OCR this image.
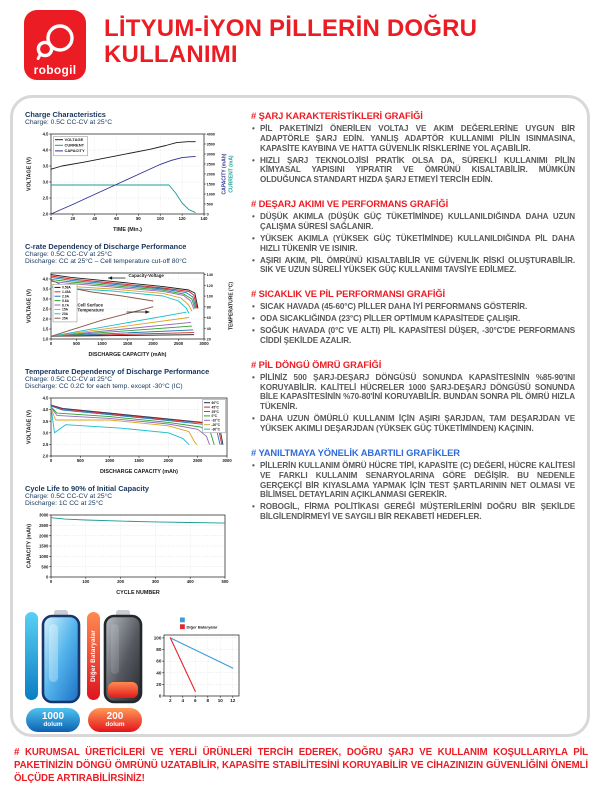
robogil
LİTYUM-İYON PİLLERİN DOĞRU
KULLANIMI
Charge Characteristics
Charge: 0.5C CC-CV at 25°C
0	20	40	60	80	100	120	140
2.0
2.5
3.0
3.5
4.0
4.5
0
500
1000
1500
2000
2500
3000
3500
4000
TIME (Min.)
VOLTAGE (V)	CAPACITY (mAh) CURRENT (mA)
VOLTAGE
CURRENT
CAPACITY
C-rate Dependency of Discharge Performance
Charge: 0.5C CC-CV at 25°C
Discharge: CC at 25°C – Cell temperature cut-off 80°C
0	500	1000	1500	2000	2500	3000
1.0
1.5
2.0
2.5
3.0
3.5
4.0
20
40
60
80
100
120
140
DISCHARGE CAPACITY (mAh)
VOLTAGE (V)	TEMPERATURE (°C)
0.58A
1.45A
2.9A
5.8A
8.7A
15A
20A
25A
Capacity-Voltage
Cell Surface Temperature
Temperature Dependency of Discharge Performance
Charge: 0.5C CC-CV at 25°C
Discharge: CC 0.2C for each temp. except -30°C (IC)
0	500	1000	1500	2000	2500	3000
2.0
2.5
3.0
3.5
4.0
4.5
DISCHARGE CAPACITY (mAh)
VOLTAGE (V)
60°C
45°C
25°C
0°C
-10°C
-20°C
-30°C
Cycle Life to 90% of Initial Capacity
Charge: 0.5C CC-CV at 25°C
Discharge: 1C CC at 25°C
0	100	200	300	400	500
0
500
1000
1500
2000
2500
3000
CYCLE NUMBER
CAPACITY (mAh)
1000
dolum
Diğer Bataryalar
200
dolum
2 4 6 8 10 12
0
20
40
60
80
100
Diğer Bataryalar
# ŞARJ KARAKTERİSTİKLERİ GRAFİĞİ
• PİL PAKETİNİZİ ÖNERİLEN VOLTAJ VE AKIM DEĞERLERİNE UYGUN BİR ADAPTÖRLE ŞARJ EDİN. YANLIŞ ADAPTÖR KULLANIMI PİLİN ISINMASINA, KAPASİTE KAYBINA VE HATTA GÜVENLİK RİSKLERİNE YOL AÇABİLİR.
• HIZLI ŞARJ TEKNOLOJİSİ PRATİK OLSA DA, SÜREKLİ KULLANIMI PİLİN KİMYASAL YAPISINI YIPRATIR VE ÖMRÜNÜ KISALTABİLİR. MÜMKÜN OLDUĞUNCA STANDART HIZDA ŞARJ ETMEYİ TERCİH EDİN.
# DEŞARJ AKIMI VE PERFORMANS GRAFİĞİ
• DÜŞÜK AKIMLA (DÜŞÜK GÜÇ TÜKETİMİNDE) KULLANILDIĞINDA DAHA UZUN ÇALIŞMA SÜRESİ SAĞLANIR.
• YÜKSEK AKIMLA (YÜKSEK GÜÇ TÜKETİMİNDE) KULLANILDIĞINDA PİL DAHA HIZLI TÜKENİR VE ISINIR.
• AŞIRI AKIM, PİL ÖMRÜNÜ KISALTABİLİR VE GÜVENLİK RİSKİ OLUŞTURABİLİR. SIK VE UZUN SÜRELİ YÜKSEK GÜÇ KULLANIMI TAVSİYE EDİLMEZ.
# SICAKLIK VE PİL PERFORMANSI GRAFİĞİ
• SICAK HAVADA (45-60°C) PİLLER DAHA İYİ PERFORMANS GÖSTERİR.
• ODA SICAKLIĞINDA (23°C) PİLLER OPTİMUM KAPASİTEDE ÇALIŞIR.
• SOĞUK HAVADA (0°C VE ALTI) PİL KAPASİTESİ DÜŞER, -30°C'DE PERFORMANS CİDDİ ŞEKİLDE AZALIR.
# PİL DÖNGÜ ÖMRÜ GRAFİĞİ
• PİLİNİZ 500 ŞARJ-DEŞARJ DÖNGÜSÜ SONUNDA KAPASİTESİNİN %85-90'INI KORUYABİLİR. KALİTELİ HÜCRELER 1000 ŞARJ-DEŞARJ DÖNGÜSÜ SONUNDA BİLE KAPASİTESİNİN %70-80'İNİ KORUYABİLİR. BUNDAN SONRA PİL ÖMRÜ HIZLA TÜKENİR.
• DAHA UZUN ÖMÜRLÜ KULLANIM İÇİN AŞIRI ŞARJDAN, TAM DEŞARJDAN VE YÜKSEK AKIMLI DEŞARJDAN (YÜKSEK GÜÇ TÜKETİMİNDEN) KAÇININ.
# YANILTMAYA YÖNELİK ABARTILI GRAFİKLER
• PİLLERİN KULLANIM ÖMRÜ HÜCRE TİPİ, KAPASİTE (C) DEĞERİ, HÜCRE KALİTESİ VE FARKLI KULLANIM SENARYOLARINA GÖRE DEĞİŞİR. BU NEDENLE GERÇEKÇİ BİR KIYASLAMA YAPMAK İÇİN TEST ŞARTLARININ NET OLMASI VE BİLİMSEL DETAYLARIN AÇIKLANMASI GEREKİR.
• ROBOGİL, FİRMA POLİTİKASI GEREĞİ MÜŞTERİLERİNİ DOĞRU BİR ŞEKİLDE BİLGİLENDİRMEYİ VE SAYGILI BİR REKABETİ HEDEFLER.

# KURUMSAL ÜRETİCİLERİ VE YERLİ ÜRÜNLERİ TERCİH EDEREK, DOĞRU ŞARJ VE KULLANIM KOŞULLARIYLA PİL PAKETİNİZİN DÖNGÜ ÖMRÜNÜ UZATABİLİR, KAPASİTE STABİLİTESİNİ KORUYABİLİR VE CİHAZINIZIN GÜVENLİĞİNİ ÖNEMLİ ÖLÇÜDE ARTIRABİLİRSİNİZ!
